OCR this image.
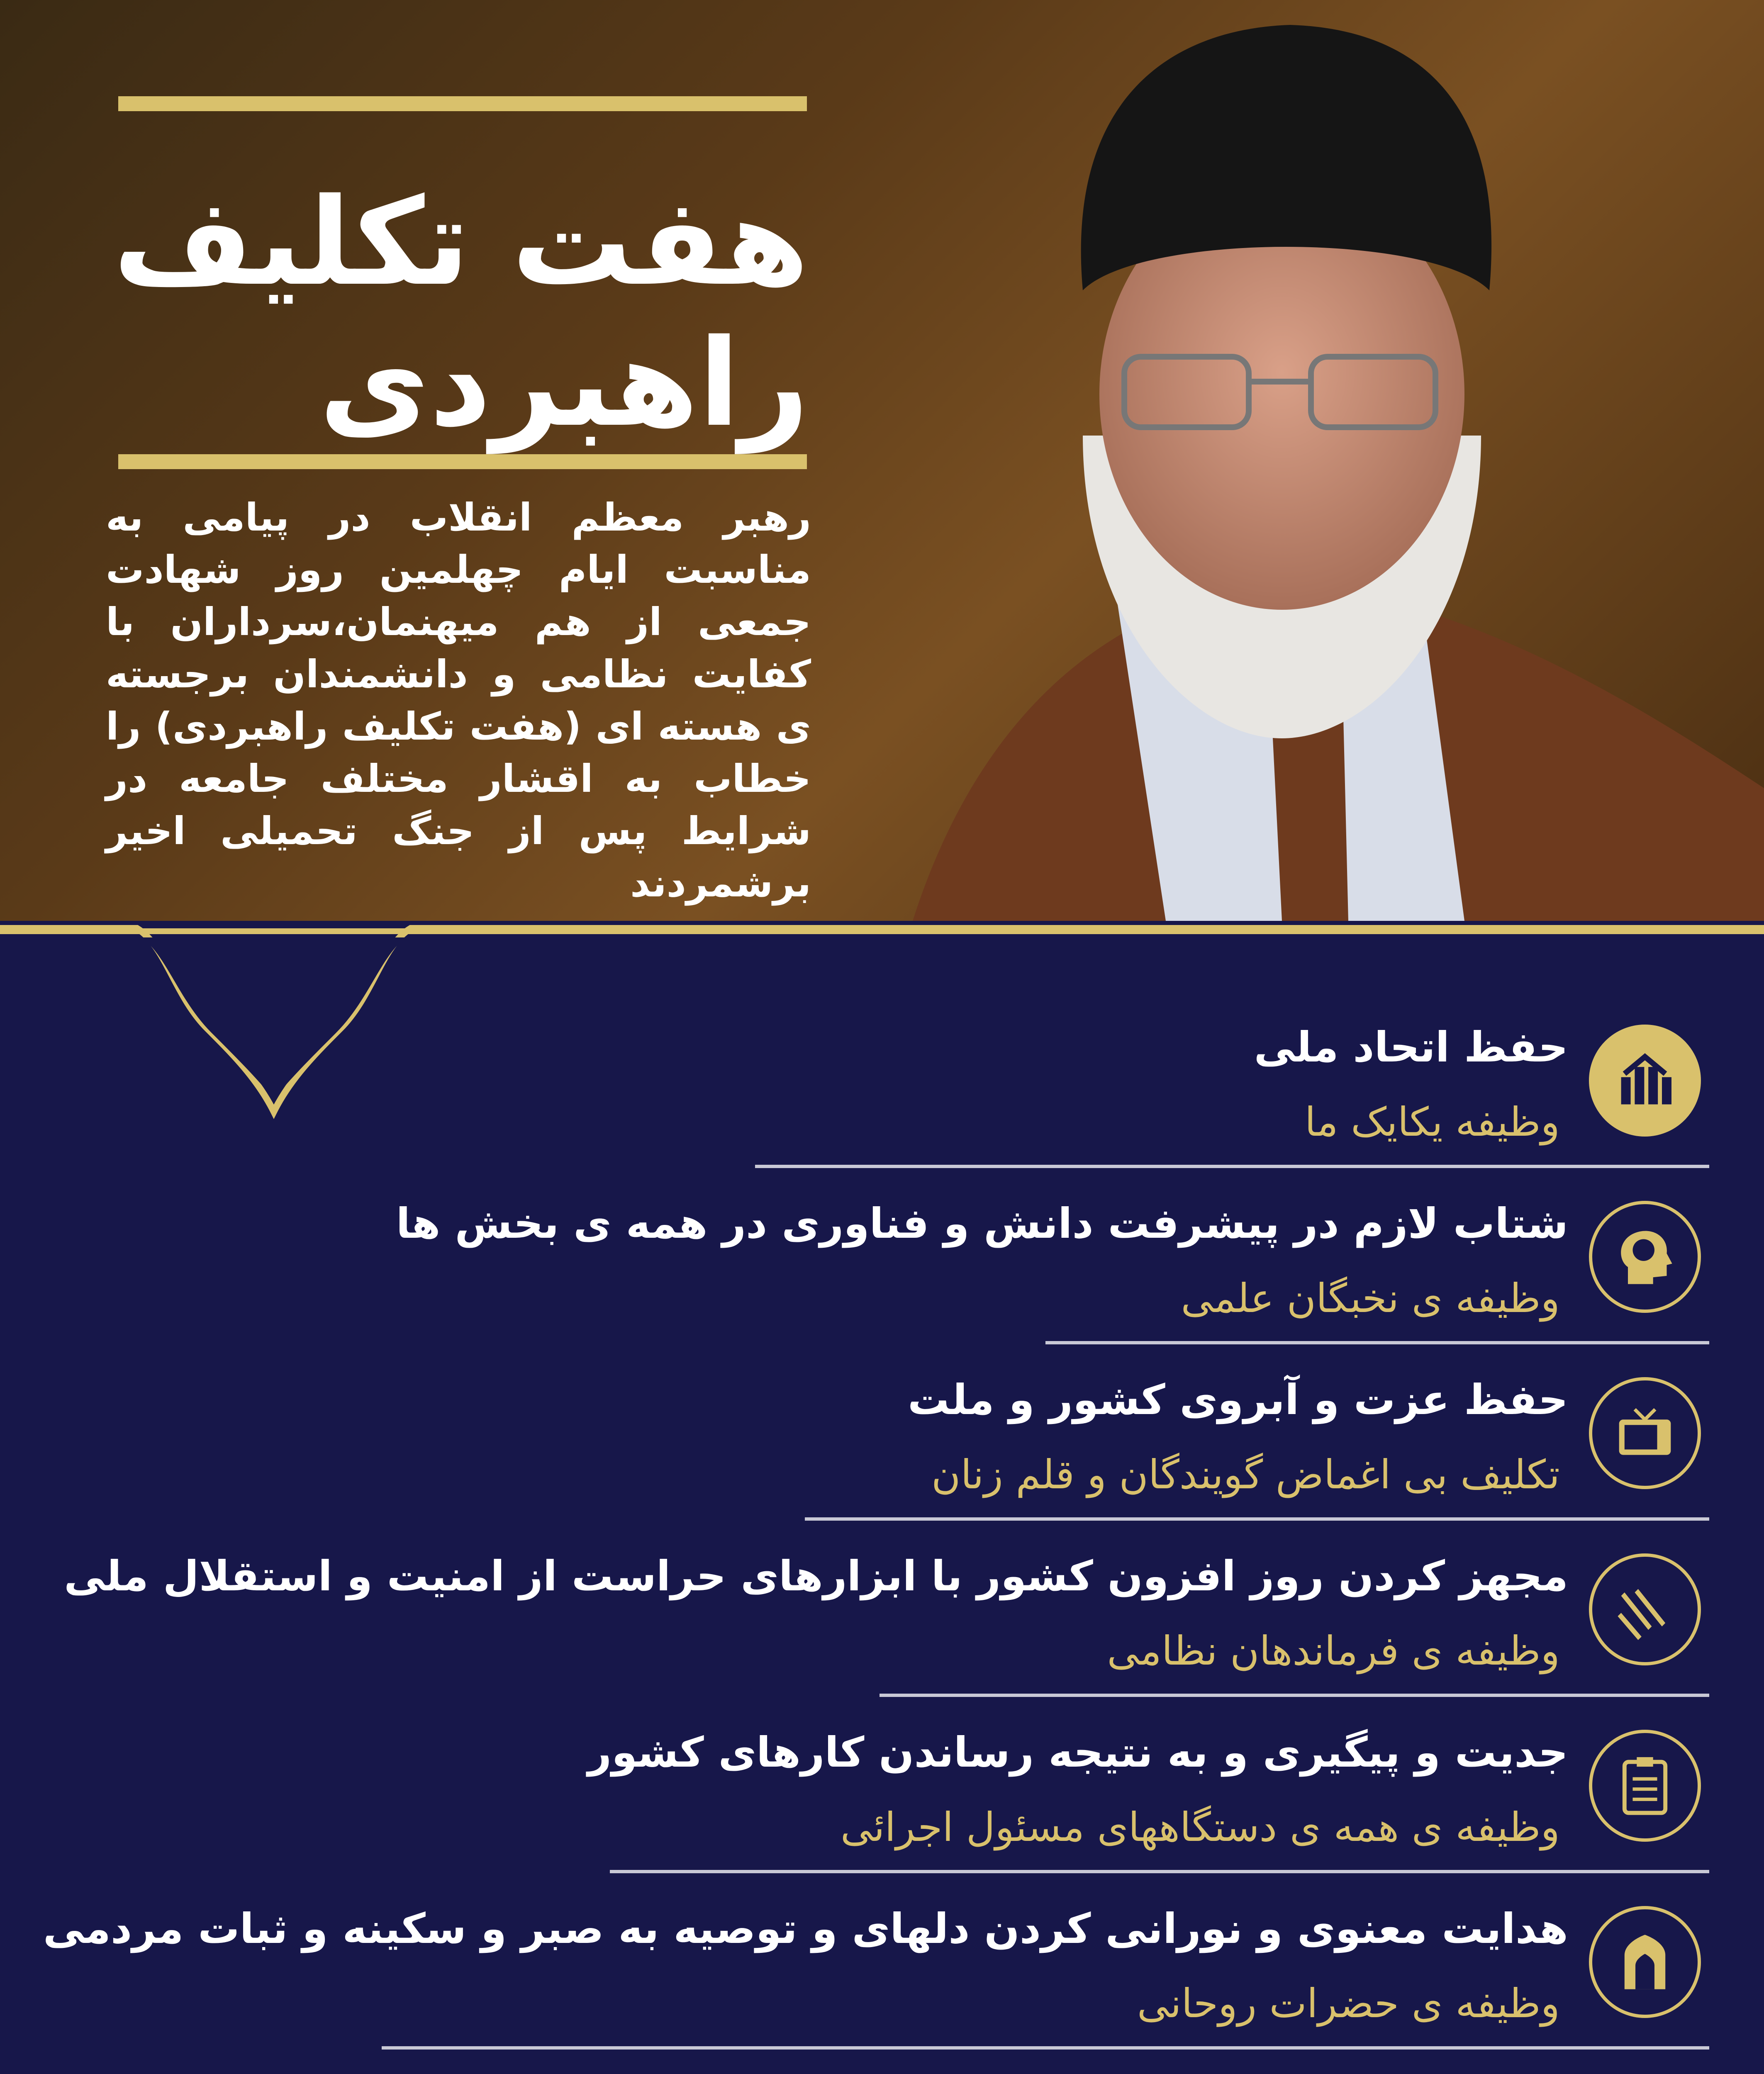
هفت تکلیف
راهبردی
رهبر معظم انقلاب در پیامی به مناسبت ایام چهلمین روز شهادت جمعی از هم میهنمان،سرداران با کفایت نظامی و دانشمندان برجسته ی هسته ای (هفت تکلیف راهبردی) را خطاب به اقشار مختلف جامعه در شرایط پس از جنگ تحمیلی اخیر برشمردند
حفظ اتحاد ملی
وظیفه یکایک ما
شتاب لازم در پیشرفت دانش و فناوری در همه ی بخش ها
وظیفه ی نخبگان علمی
حفظ عزت و آبروی کشور و ملت
تکلیف بی اغماض گویندگان و قلم زنان
مجهز کردن روز افزون کشور با ابزارهای حراست از امنیت و استقلال ملی
وظیفه ی فرماندهان نظامی
جدیت و پیگیری و به نتیجه رساندن کارهای کشور
وظیفه ی همه ی دستگاههای مسئول اجرائی
هدایت معنوی و نورانی کردن دلهای و توصیه به صبر و سکینه و ثبات مردمی
وظیفه ی حضرات روحانی
